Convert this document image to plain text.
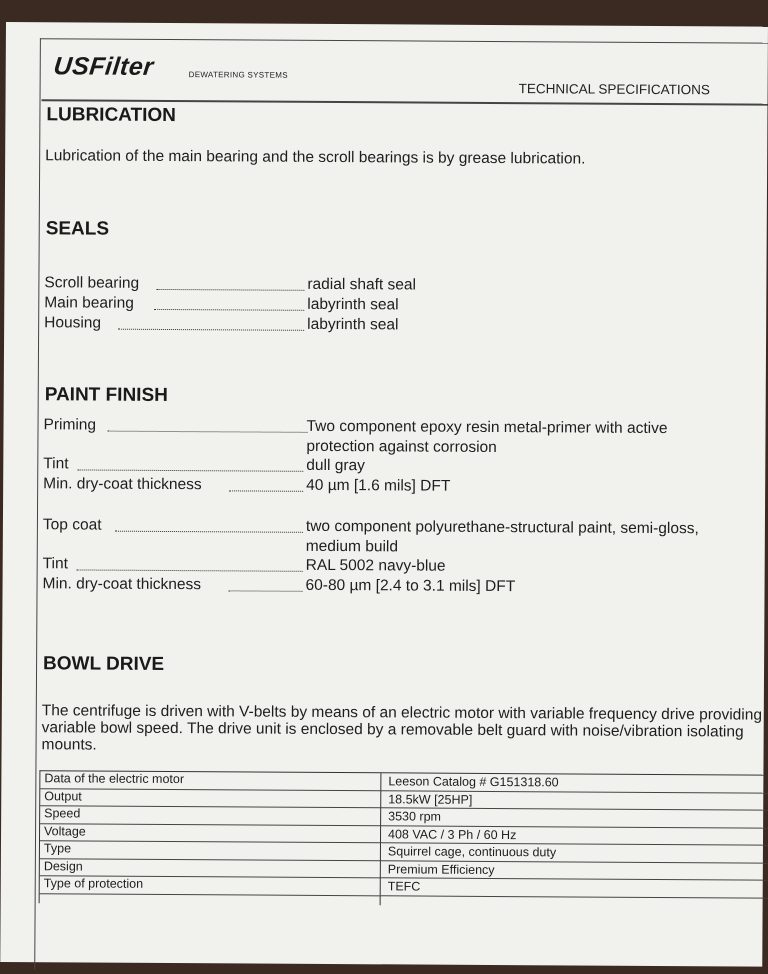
USFilter	DEWATERING SYSTEMS
TECHNICAL SPECIFICATIONS
LUBRICATION
Lubrication of the main bearing and the scroll bearings is by grease lubrication.
SEALS
Scroll bearing	radial shaft seal
Main bearing	labyrinth seal
Housing	labyrinth seal
PAINT FINISH
Priming	Two component epoxy resin metal-primer with active
protection against corrosion
Tint	dull gray
Min. dry-coat thickness	40 µm [1.6 mils] DFT
Top coat	two component polyurethane-structural paint, semi-gloss,
medium build
Tint	RAL 5002 navy-blue
Min. dry-coat thickness	60-80 µm [2.4 to 3.1 mils] DFT
BOWL DRIVE
The centrifuge is driven with V-belts by means of an electric motor with variable frequency drive providing variable bowl speed. The drive unit is enclosed by a removable belt guard with noise/vibration isolating mounts.
Data of the electric motor	Leeson Catalog # G151318.60
Output	18.5kW [25HP]
Speed	3530 rpm
Voltage	408 VAC / 3 Ph / 60 Hz
Type	Squirrel cage, continuous duty
Design	Premium Efficiency
Type of protection	TEFC
